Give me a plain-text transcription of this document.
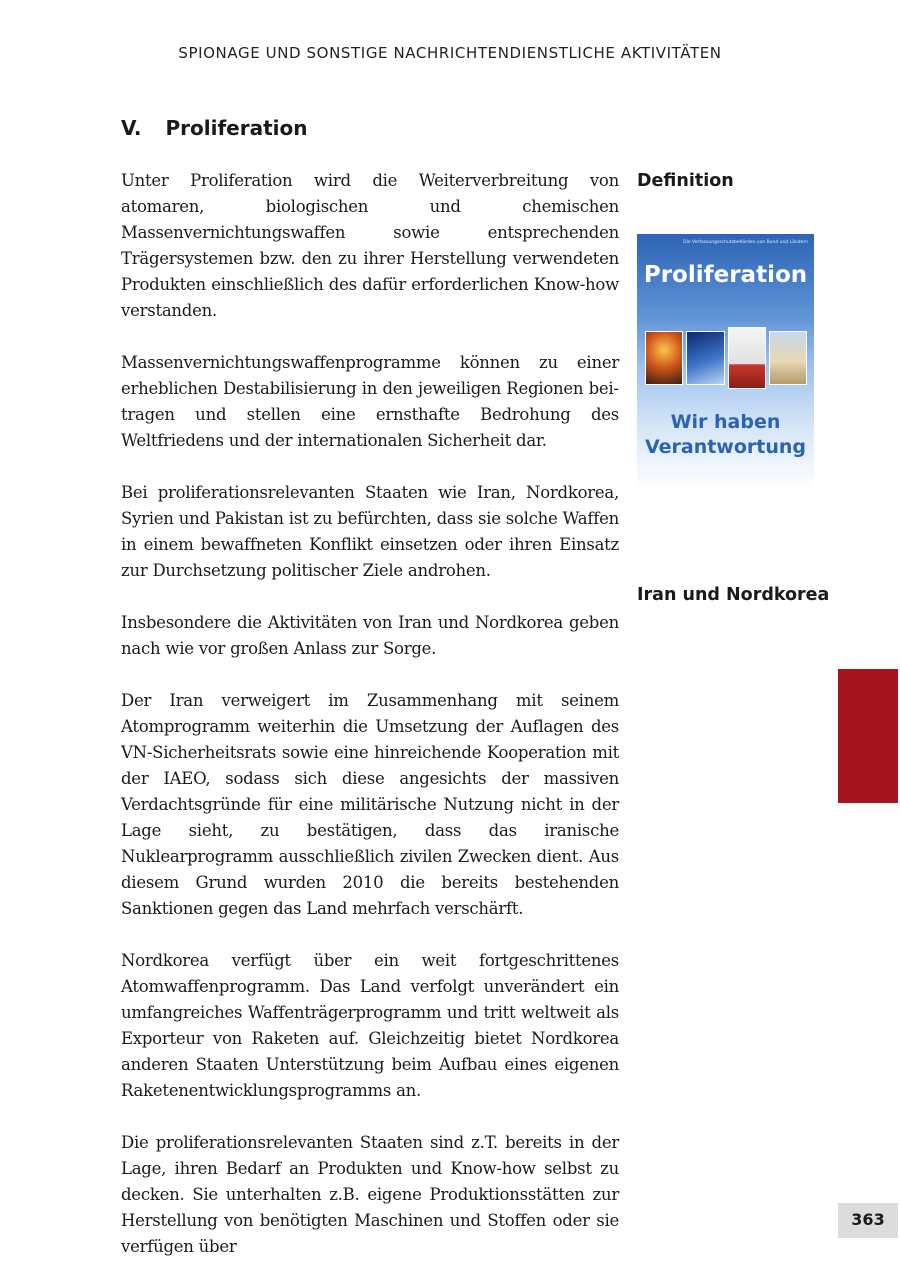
SPIONAGE UND SONSTIGE NACHRICHTENDIENSTLICHE AKTIVITÄTEN
V. Proliferation

Unter Proliferation wird die Weiterverbreitung von atomaren, biologischen und chemischen Massenvernichtungswaffen sowie entsprechenden Trägersystemen bzw. den zu ihrer Herstellung verwendeten Produkten einschließlich des dafür erforderlichen Know-how verstanden.

Massenvernichtungswaffenprogramme können zu einer erheblichen Destabilisierung in den jeweiligen Regionen beitragen und stellen eine ernsthafte Bedrohung des Weltfriedens und der internationalen Sicherheit dar.

Bei proliferationsrelevanten Staaten wie Iran, Nordkorea, Syrien und Pakistan ist zu befürchten, dass sie solche Waffen in einem bewaffneten Konflikt einsetzen oder ihren Einsatz zur Durchsetzung politischer Ziele androhen.

Insbesondere die Aktivitäten von Iran und Nordkorea geben nach wie vor großen Anlass zur Sorge.

Der Iran verweigert im Zusammenhang mit seinem Atomprogramm weiterhin die Umsetzung der Auflagen des VN-Sicherheitsrats sowie eine hinreichende Kooperation mit der IAEO, sodass sich diese angesichts der massiven Verdachtsgründe für eine militärische Nutzung nicht in der Lage sieht, zu bestätigen, dass das iranische Nuklearprogramm ausschließlich zivilen Zwecken dient. Aus diesem Grund wurden 2010 die bereits bestehenden Sanktionen gegen das Land mehrfach verschärft.

Nordkorea verfügt über ein weit fortgeschrittenes Atomwaffenprogramm. Das Land verfolgt unverändert ein umfangreiches Waffenträgerprogramm und tritt weltweit als Exporteur von Raketen auf. Gleichzeitig bietet Nordkorea anderen Staaten Unterstützung beim Aufbau eines eigenen Raketenentwicklungsprogramms an.

Die proliferationsrelevanten Staaten sind z.T. bereits in der Lage, ihren Bedarf an Produkten und Know-how selbst zu decken. Sie unterhalten z.B. eigene Produktionsstätten zur Herstellung von benötigten Maschinen und Stoffen oder sie verfügen über

Definition
Die Verfassungsschutzbehörden von Bund und Ländern
Proliferation
Wir haben
Verantwortung
Iran und Nordkorea
363
